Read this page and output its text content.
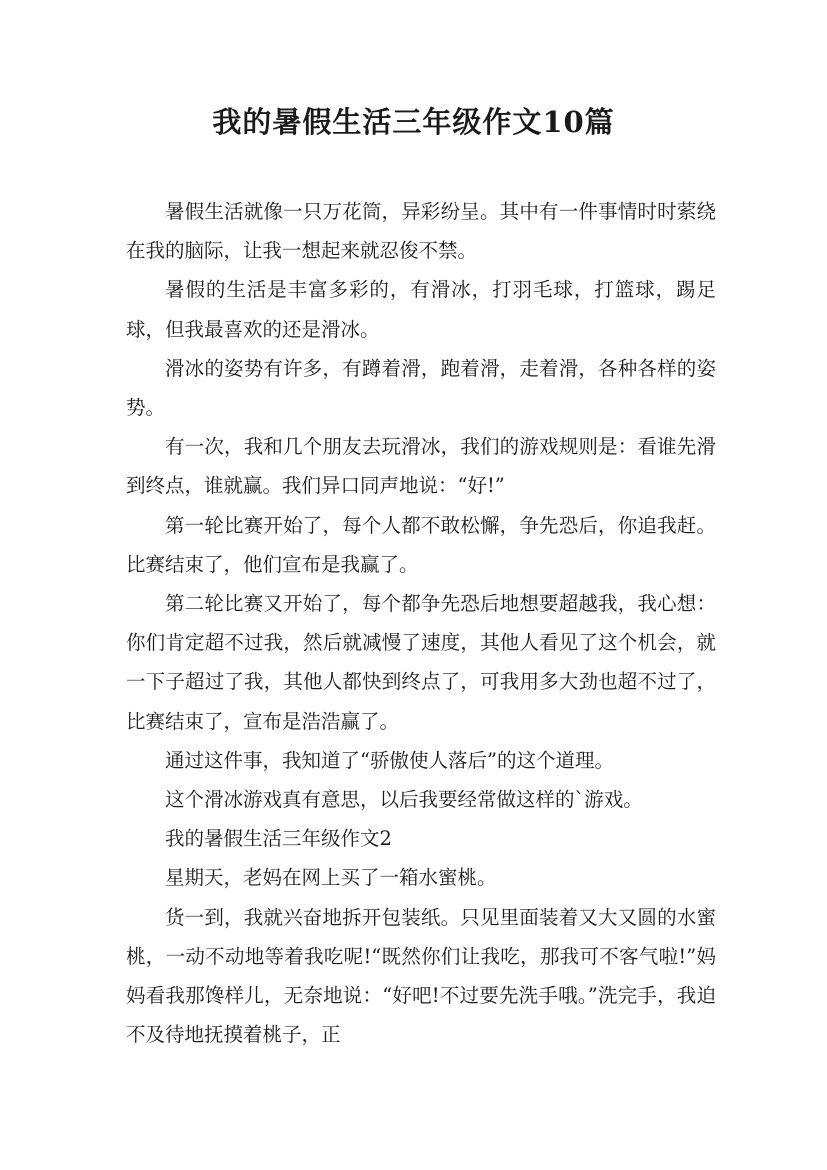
我的暑假生活三年级作文10篇

暑假生活就像一只万花筒，异彩纷呈。其中有一件事情时时萦绕在我的脑际，让我一想起来就忍俊不禁。

暑假的生活是丰富多彩的，有滑冰，打羽毛球，打篮球，踢足球，但我最喜欢的还是滑冰。

滑冰的姿势有许多，有蹲着滑，跑着滑，走着滑，各种各样的姿势。

有一次，我和几个朋友去玩滑冰，我们的游戏规则是：看谁先滑到终点，谁就赢。我们异口同声地说：“好!”

第一轮比赛开始了，每个人都不敢松懈，争先恐后，你追我赶。比赛结束了，他们宣布是我赢了。

第二轮比赛又开始了，每个都争先恐后地想要超越我，我心想：你们肯定超不过我，然后就减慢了速度，其他人看见了这个机会，就一下子超过了我，其他人都快到终点了，可我用多大劲也超不过了，比赛结束了，宣布是浩浩赢了。

通过这件事，我知道了“骄傲使人落后”的这个道理。

这个滑冰游戏真有意思，以后我要经常做这样的`游戏。

我的暑假生活三年级作文2

星期天，老妈在网上买了一箱水蜜桃。

货一到，我就兴奋地拆开包装纸。只见里面装着又大又圆的水蜜桃，一动不动地等着我吃呢!“既然你们让我吃，那我可不客气啦!”妈妈看我那馋样儿，无奈地说：“好吧!不过要先洗手哦。”洗完手，我迫不及待地抚摸着桃子，正
